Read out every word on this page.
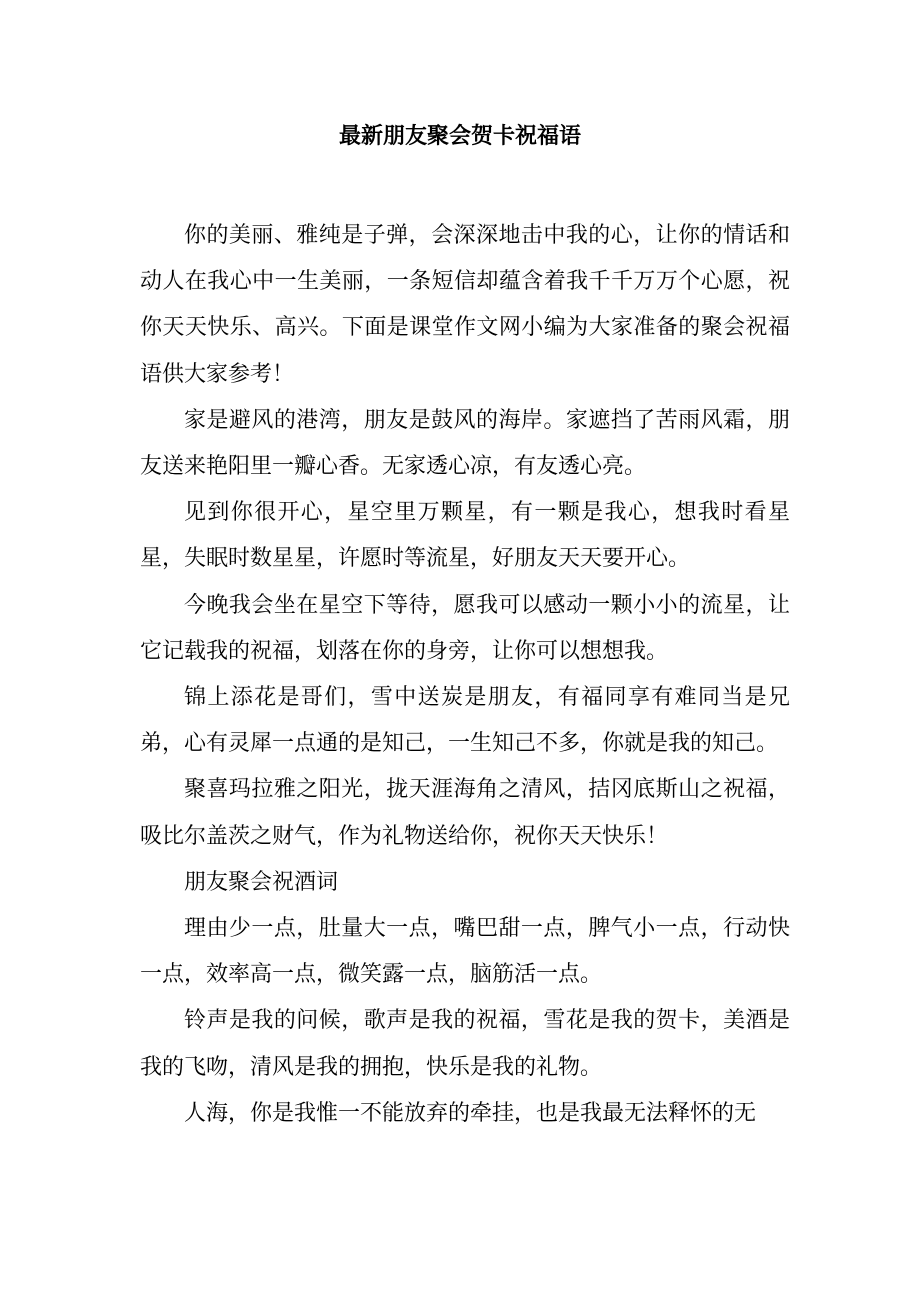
最新朋友聚会贺卡祝福语

你的美丽、雅纯是子弹，会深深地击中我的心，让你的情话和动人在我心中一生美丽，一条短信却蕴含着我千千万万个心愿，祝你天天快乐、高兴。下面是课堂作文网小编为大家准备的聚会祝福语供大家参考！

家是避风的港湾，朋友是鼓风的海岸。家遮挡了苦雨风霜，朋友送来艳阳里一瓣心香。无家透心凉，有友透心亮。

见到你很开心，星空里万颗星，有一颗是我心，想我时看星星，失眠时数星星，许愿时等流星，好朋友天天要开心。

今晚我会坐在星空下等待，愿我可以感动一颗小小的流星，让它记载我的祝福，划落在你的身旁，让你可以想想我。

锦上添花是哥们，雪中送炭是朋友，有福同享有难同当是兄弟，心有灵犀一点通的是知己，一生知己不多，你就是我的知己。

聚喜玛拉雅之阳光，拢天涯海角之清风，拮冈底斯山之祝福，吸比尔盖茨之财气，作为礼物送给你，祝你天天快乐！

朋友聚会祝酒词

理由少一点，肚量大一点，嘴巴甜一点，脾气小一点，行动快一点，效率高一点，微笑露一点，脑筋活一点。

铃声是我的问候，歌声是我的祝福，雪花是我的贺卡，美酒是我的飞吻，清风是我的拥抱，快乐是我的礼物。

人海，你是我惟一不能放弃的牵挂，也是我最无法释怀的无
